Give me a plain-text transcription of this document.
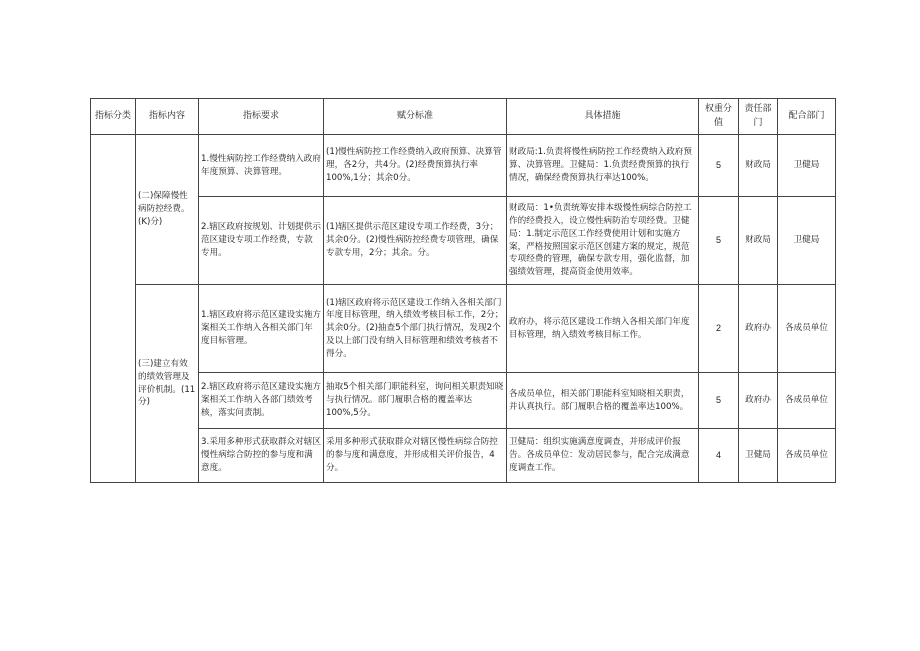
指标分类	指标内容	指标要求	赋分标准	具体措施	权重分值	责任部门	配合部门
	(二)保障慢性病防控经费。(K)分)	1.慢性病防控工作经费纳入政府年度预算、决算管理。	(1)慢性病防控工作经费纳入政府预算、决算管理，各2分，共4分。(2)经费预算执行率100%,1分；其余0分。	财政局:1.负责将慢性病防控工作经费纳入政府预算、决算管理。卫健局：1.负责经费预算的执行情况，确保经费预算执行率达100%。	5	财政局	卫健局
		2.辖区政府按规划、计划提供示范区建设专项工作经费，专款专用。	(1)辖区提供示范区建设专项工作经费，3分；其余0分。(2)慢性病防控经费专项管理，确保专款专用，2分；其余。分。	财政局：1•负责统筹安排本级慢性病综合防控工作的经费投入，设立慢性病防治专项经费。卫健局：1.制定示范区工作经费使用计划和实施方案，严格按照国家示范区创建方案的规定，规范专项经费的管理，确保专款专用，强化监督，加强绩效管理，提高资金使用效率。	5	财政局	卫健局
	(三)建立有效的绩效管理及评价机制。(11分)	1.辖区政府将示范区建设实施方案相关工作纳入各相关部门年度目标管理。	(1)辖区政府将示范区建设工作纳入各相关部门年度目标管理，纳入绩效考核目标工作，2分；其余0分。(2)抽查5个部门执行情况，发现2个及以上部门没有纳入目标管理和绩效考核者不得分。	政府办，将示范区建设工作纳入各相关部门年度目标管理，纳入绩效考核目标工作。	2	政府办	各成员单位
		2.辖区政府将示范区建设实施方案相关工作纳入各部门绩效考核，落实问责制。	抽取5个相关部门职能科室，询问相关职责知晓与执行情况。部门履职合格的覆盖率达100%,5分。	各成员单位，相关部门职能科室知晓相关职责，并认真执行。部门履职合格的覆盖率达100%。	5	政府办	各成员单位
		3.采用多种形式获取群众对辖区慢性病综合防控的参与度和满意度。	采用多种形式获取群众对辖区慢性病综合防控的参与度和满意度，并形成相关评价报告，4分。	卫健局：组织实施满意度调查，并形成评价报告。各成员单位：发动居民参与，配合完成满意度调查工作。	4	卫健局	各成员单位
